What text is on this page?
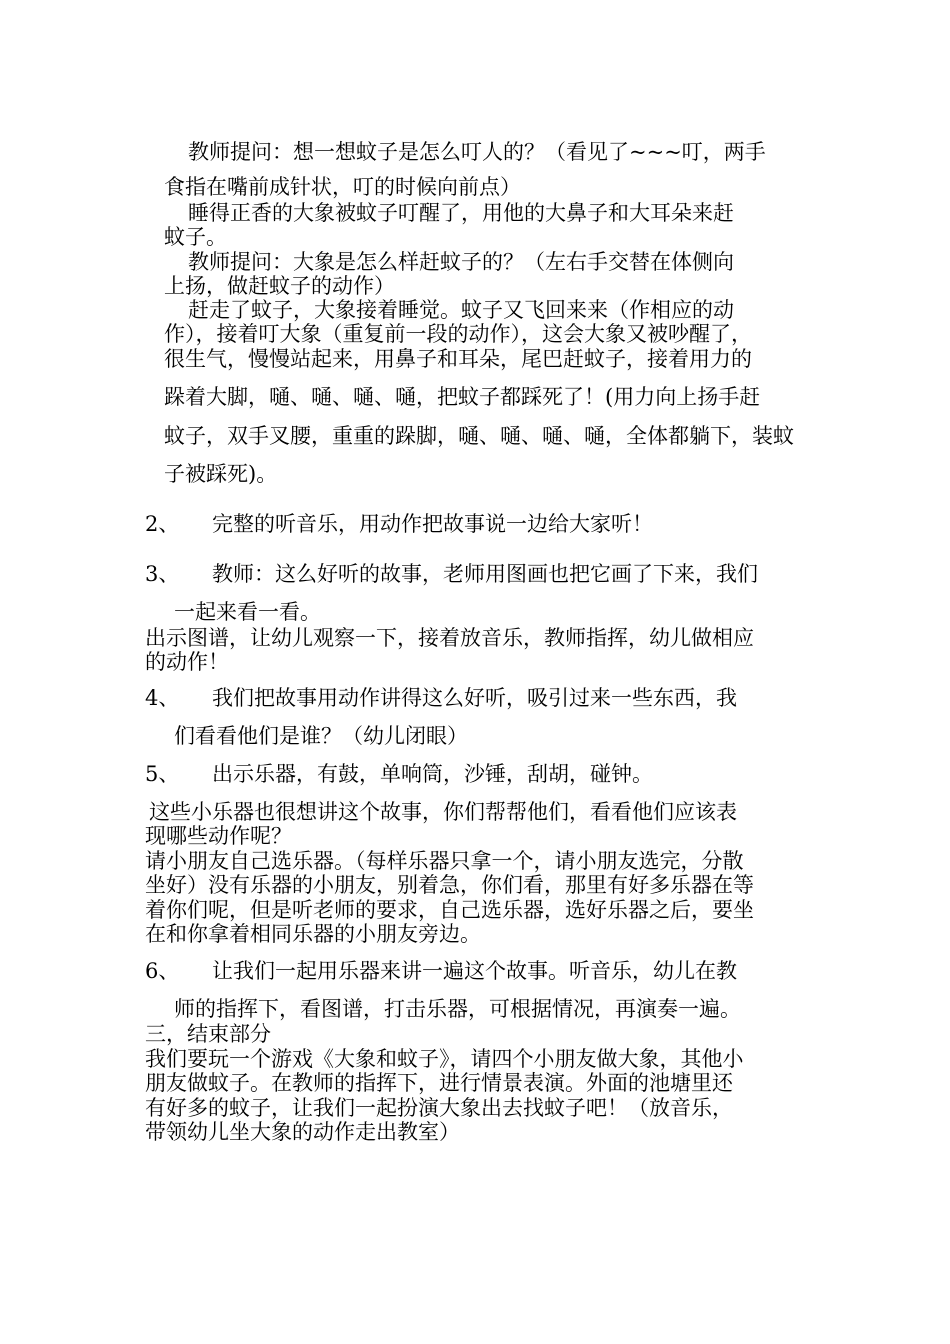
教师提问：想一想蚊子是怎么叮人的？（看见了~~~叮，两手
食指在嘴前成针状，叮的时候向前点）
睡得正香的大象被蚊子叮醒了，用他的大鼻子和大耳朵来赶
蚊子。
教师提问：大象是怎么样赶蚊子的？（左右手交替在体侧向
上扬，做赶蚊子的动作）
赶走了蚊子，大象接着睡觉。蚊子又飞回来来（作相应的动
作），接着叮大象（重复前一段的动作），这会大象又被吵醒了，
很生气，慢慢站起来，用鼻子和耳朵，尾巴赶蚊子，接着用力的
跺着大脚，嗵、嗵、嗵、嗵，把蚊子都踩死了！(用力向上扬手赶
蚊子，双手叉腰，重重的跺脚，嗵、嗵、嗵、嗵，全体都躺下，装蚊
子被踩死)。
2、 完整的听音乐，用动作把故事说一边给大家听！
3、 教师：这么好听的故事，老师用图画也把它画了下来，我们
一起来看一看。
出示图谱，让幼儿观察一下，接着放音乐，教师指挥，幼儿做相应
的动作！
4、 我们把故事用动作讲得这么好听，吸引过来一些东西，我
们看看他们是谁？（幼儿闭眼）
5、 出示乐器，有鼓，单响筒，沙锤，刮胡，碰钟。
这些小乐器也很想讲这个故事，你们帮帮他们，看看他们应该表
现哪些动作呢？
请小朋友自己选乐器。（每样乐器只拿一个，请小朋友选完，分散
坐好）没有乐器的小朋友，别着急，你们看，那里有好多乐器在等
着你们呢，但是听老师的要求，自己选乐器，选好乐器之后，要坐
在和你拿着相同乐器的小朋友旁边。
6、 让我们一起用乐器来讲一遍这个故事。听音乐，幼儿在教
师的指挥下，看图谱，打击乐器，可根据情况，再演奏一遍。
三，结束部分
我们要玩一个游戏《大象和蚊子》，请四个小朋友做大象，其他小
朋友做蚊子。在教师的指挥下，进行情景表演。外面的池塘里还
有好多的蚊子，让我们一起扮演大象出去找蚊子吧！（放音乐，
带领幼儿坐大象的动作走出教室）
